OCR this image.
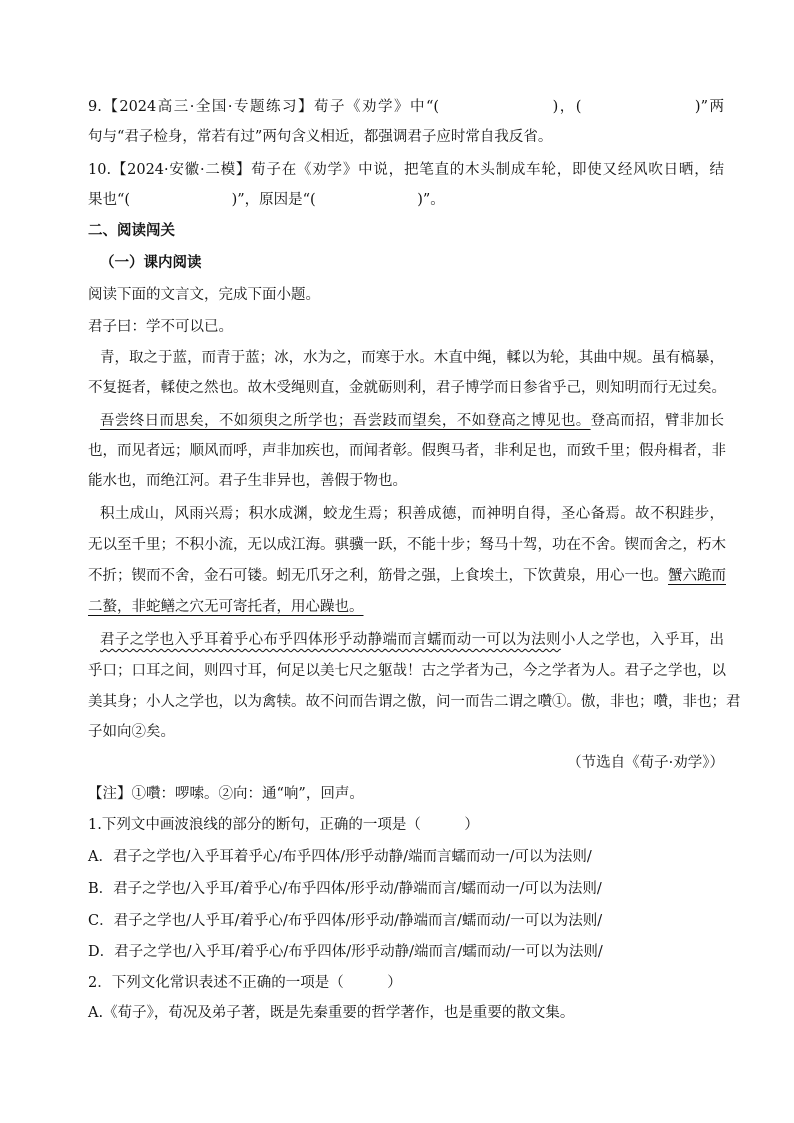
9.【2024高三·全国·专题练习】荀子《劝学》中“(　　　　　　　)，(　　　　　　　)”两
句与“君子检身，常若有过”两句含义相近，都强调君子应时常自我反省。
10.【2024·安徽·二模】荀子在《劝学》中说，把笔直的木头制成车轮，即使又经风吹日晒，结
果也“(　　　　　　　)”，原因是“(　　　　　　　)”。
二、阅读闯关
（一）课内阅读
阅读下面的文言文，完成下面小题。
君子曰：学不可以已。
青，取之于蓝，而青于蓝；冰，水为之，而寒于水。木直中绳，輮以为轮，其曲中规。虽有槁暴，
不复挺者，輮使之然也。故木受绳则直，金就砺则利，君子博学而日参省乎己，则知明而行无过矣。
吾尝终日而思矣，不如须臾之所学也；吾尝跂而望矣，不如登高之博见也。登高而招，臂非加长
也，而见者远；顺风而呼，声非加疾也，而闻者彰。假舆马者，非利足也，而致千里；假舟楫者，非
能水也，而绝江河。君子生非异也，善假于物也。
积土成山，风雨兴焉；积水成渊，蛟龙生焉；积善成德，而神明自得，圣心备焉。故不积跬步，
无以至千里；不积小流，无以成江海。骐骥一跃，不能十步；驽马十驾，功在不舍。锲而舍之，朽木
不折；锲而不舍，金石可镂。蚓无爪牙之利，筋骨之强，上食埃土，下饮黄泉，用心一也。蟹六跪而
二螯，非蛇鳝之穴无可寄托者，用心躁也。
君子之学也入乎耳着乎心布乎四体形乎动静端而言蠕而动一可以为法则小人之学也，入乎耳，出
乎口；口耳之间，则四寸耳，何足以美七尺之躯哉！古之学者为己，今之学者为人。君子之学也，以
美其身；小人之学也，以为禽犊。故不问而告谓之傲，问一而告二谓之囋①。傲，非也；囋，非也；君
子如向②矣。
（节选自《荀子·劝学》）
【注】①囋：啰嗦。②向：通“响”，回声。
1.下列文中画波浪线的部分的断句，正确的一项是（　　　）
A．君子之学也/入乎耳着乎心/布乎四体/形乎动静/端而言蠕而动一/可以为法则/
B．君子之学也/入乎耳/着乎心/布乎四体/形乎动/静端而言/蠕而动一/可以为法则/
C．君子之学也/人乎耳/着乎心/布乎四体/形乎动/静端而言/蠕而动/一可以为法则/
D．君子之学也/入乎耳/着乎心/布乎四体/形乎动静/端而言/蠕而动/一可以为法则/
2．下列文化常识表述不正确的一项是（　　　）
A.《荀子》，荀况及弟子著，既是先秦重要的哲学著作，也是重要的散文集。
